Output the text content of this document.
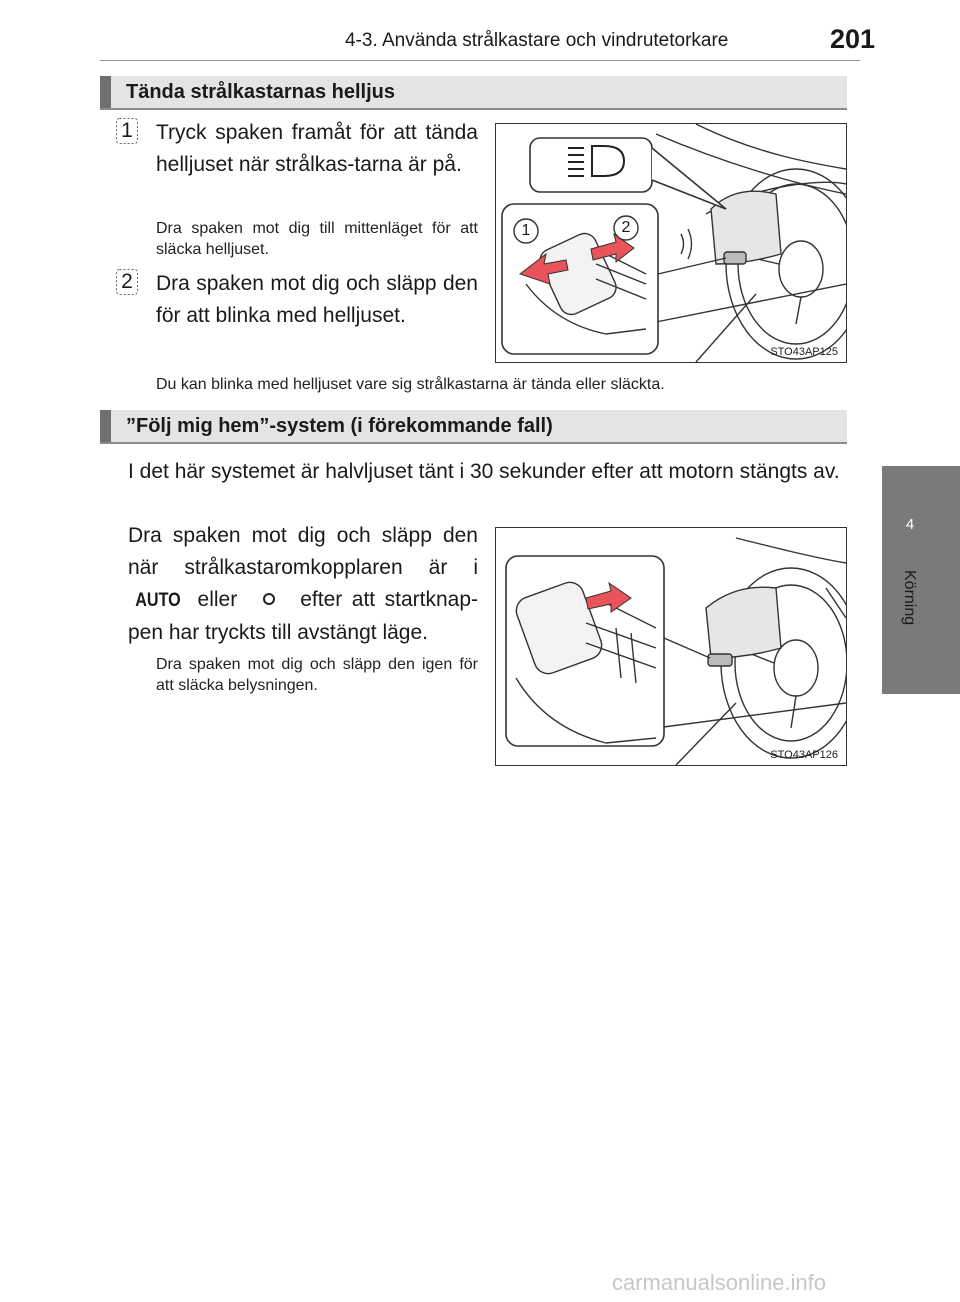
4-3. Använda strålkastare och vindrutetorkare	201
4
Körning
Tända strålkastarnas helljus
1 Tryck spaken framåt för att tända helljuset när strålkas-tarna är på.
Dra spaken mot dig till mittenläget för att släcka helljuset.
2 Dra spaken mot dig och släpp den för att blinka med helljuset.
1	2
STO43AP125
Du kan blinka med helljuset vare sig strålkastarna är tända eller släckta.
”Följ mig hem”-system (i förekommande fall)
I det här systemet är halvljuset tänt i 30 sekunder efter att motorn stängts av.
Dra spaken mot dig och släpp den när strålkastaromkopplaren är i AUTO eller	efter att startknap-pen har tryckts till avstängt läge.
Dra spaken mot dig och släpp den igen för att släcka belysningen.
STO43AP126
carmanualsonline.info
